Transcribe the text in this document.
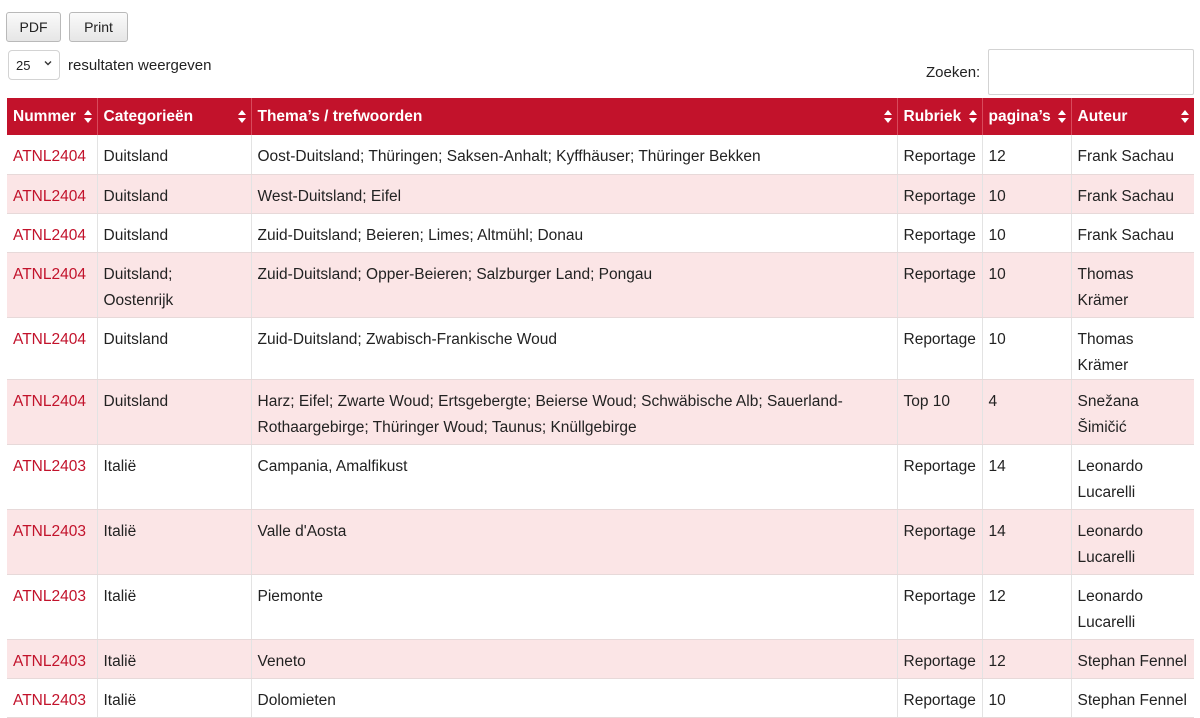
PDF	Print
25	resultaten weergeven	Zoeken:
Nummer	Categorieën	Thema’s / trefwoorden	Rubriek	pagina’s	Auteur

ATNL2404	Duitsland	Oost-Duitsland; Thüringen; Saksen-Anhalt; Kyffhäuser; Thüringer Bekken	Reportage	12	Frank Sachau
ATNL2404	Duitsland	West-Duitsland; Eifel	Reportage	10	Frank Sachau
ATNL2404	Duitsland	Zuid-Duitsland; Beieren; Limes; Altmühl; Donau	Reportage	10	Frank Sachau
ATNL2404	Duitsland; Oostenrijk	Zuid-Duitsland; Opper-Beieren; Salzburger Land; Pongau	Reportage	10	Thomas Krämer
ATNL2404	Duitsland	Zuid-Duitsland; Zwabisch-Frankische Woud	Reportage	10	Thomas Krämer
ATNL2404	Duitsland	Harz; Eifel; Zwarte Woud; Ertsgebergte; Beierse Woud; Schwäbische Alb; Sauerland-Rothaargebirge; Thüringer Woud; Taunus; Knüllgebirge	Top 10	4	Snežana Šimičić
ATNL2403	Italië	Campania, Amalfikust	Reportage	14	Leonardo Lucarelli
ATNL2403	Italië	Valle d'Aosta	Reportage	14	Leonardo Lucarelli
ATNL2403	Italië	Piemonte	Reportage	12	Leonardo Lucarelli
ATNL2403	Italië	Veneto	Reportage	12	Stephan Fennel
ATNL2403	Italië	Dolomieten	Reportage	10	Stephan Fennel
